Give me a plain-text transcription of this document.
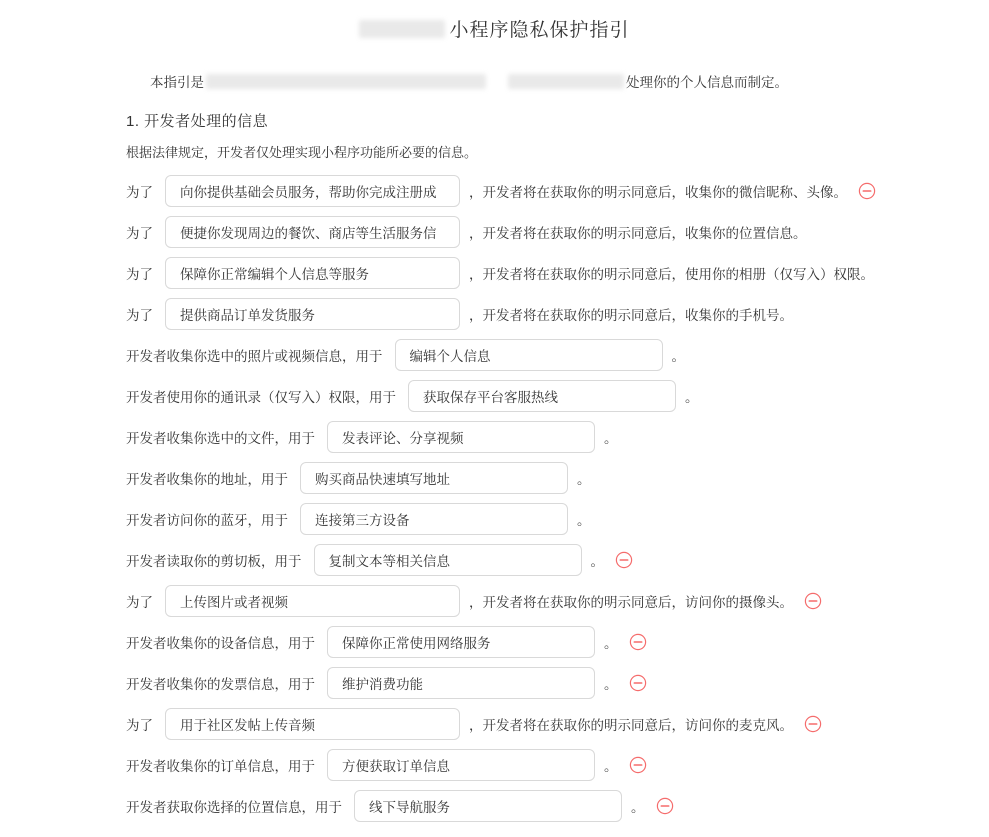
小程序隐私保护指引

本指引是	处理你的个人信息而制定。

1. 开发者处理的信息

根据法律规定，开发者仅处理实现小程序功能所必要的信息。

为了 向你提供基础会员服务，帮助你完成注册成 ，开发者将在获取你的明示同意后，收集你的微信昵称、头像。
为了 便捷你发现周边的餐饮、商店等生活服务信 ，开发者将在获取你的明示同意后，收集你的位置信息。
为了 保障你正常编辑个人信息等服务	，开发者将在获取你的明示同意后，使用你的相册（仅写入）权限。
为了 提供商品订单发货服务	，开发者将在获取你的明示同意后，收集你的手机号。
开发者收集你选中的照片或视频信息，用于 编辑个人信息	。
开发者使用你的通讯录（仅写入）权限，用于 获取保存平台客服热线	。
开发者收集你选中的文件，用于 发表评论、分享视频	。
开发者收集你的地址，用于 购买商品快速填写地址	。
开发者访问你的蓝牙，用于 连接第三方设备	。
开发者读取你的剪切板，用于 复制文本等相关信息	。
为了 上传图片或者视频	，开发者将在获取你的明示同意后，访问你的摄像头。
开发者收集你的设备信息，用于 保障你正常使用网络服务	。
开发者收集你的发票信息，用于 维护消费功能	。
为了 用于社区发帖上传音频	，开发者将在获取你的明示同意后，访问你的麦克风。
开发者收集你的订单信息，用于 方便获取订单信息	。
开发者获取你选择的位置信息，用于 线下导航服务	。
